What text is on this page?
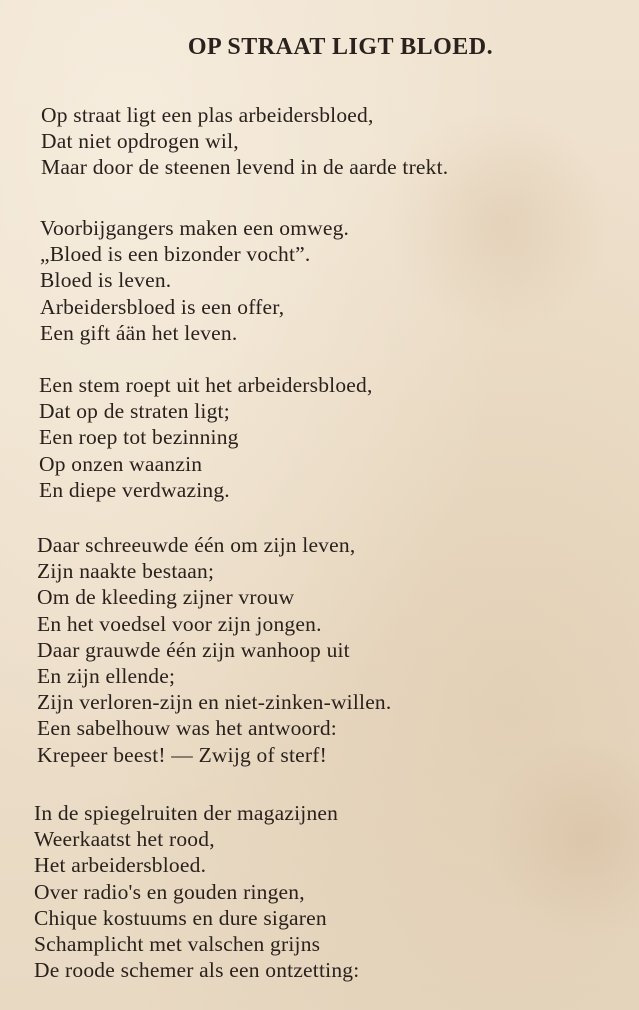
OP STRAAT LIGT BLOED.
Op straat ligt een plas arbeidersbloed,
Dat niet opdrogen wil,
Maar door de steenen levend in de aarde trekt.
Voorbijgangers maken een omweg.
„Bloed is een bizonder vocht”.
Bloed is leven.
Arbeidersbloed is een offer,
Een gift áän het leven.
Een stem roept uit het arbeidersbloed,
Dat op de straten ligt;
Een roep tot bezinning
Op onzen waanzin
En diepe verdwazing.
Daar schreeuwde één om zijn leven,
Zijn naakte bestaan;
Om de kleeding zijner vrouw
En het voedsel voor zijn jongen.
Daar grauwde één zijn wanhoop uit
En zijn ellende;
Zijn verloren-zijn en niet-zinken-willen.
Een sabelhouw was het antwoord:
Krepeer beest! — Zwijg of sterf!
In de spiegelruiten der magazijnen
Weerkaatst het rood,
Het arbeidersbloed.
Over radio's en gouden ringen,
Chique kostuums en dure sigaren
Schamplicht met valschen grijns
De roode schemer als een ontzetting:
